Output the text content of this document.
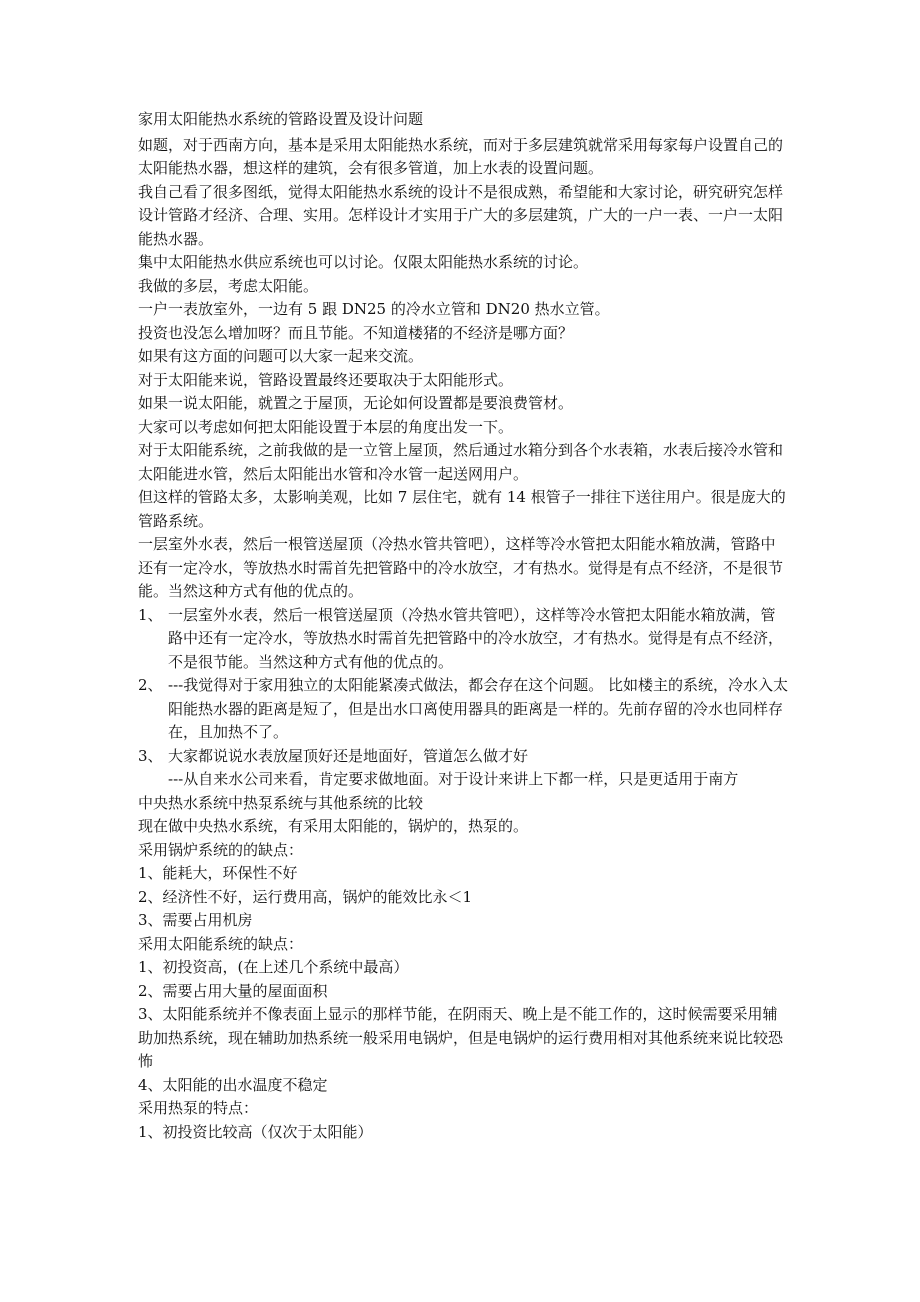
家用太阳能热水系统的管路设置及设计问题

如题，对于西南方向，基本是采用太阳能热水系统，而对于多层建筑就常采用每家每户设置自己的太阳能热水器，想这样的建筑，会有很多管道，加上水表的设置问题。

我自己看了很多图纸，觉得太阳能热水系统的设计不是很成熟，希望能和大家讨论，研究研究怎样设计管路才经济、合理、实用。怎样设计才实用于广大的多层建筑，广大的一户一表、一户一太阳能热水器。

集中太阳能热水供应系统也可以讨论。仅限太阳能热水系统的讨论。

我做的多层，考虑太阳能。

一户一表放室外，一边有 5 跟 DN25 的冷水立管和 DN20 热水立管。

投资也没怎么增加呀？而且节能。不知道楼猪的不经济是哪方面？

如果有这方面的问题可以大家一起来交流。

对于太阳能来说，管路设置最终还要取决于太阳能形式。

如果一说太阳能，就置之于屋顶，无论如何设置都是要浪费管材。

大家可以考虑如何把太阳能设置于本层的角度出发一下。

对于太阳能系统，之前我做的是一立管上屋顶，然后通过水箱分到各个水表箱，水表后接冷水管和太阳能进水管，然后太阳能出水管和冷水管一起送网用户。

但这样的管路太多，太影响美观，比如 7 层住宅，就有 14 根管子一排往下送往用户。很是庞大的管路系统。

一层室外水表，然后一根管送屋顶（冷热水管共管吧），这样等冷水管把太阳能水箱放满，管路中还有一定冷水，等放热水时需首先把管路中的冷水放空，才有热水。觉得是有点不经济，不是很节能。当然这种方式有他的优点的。

1、 一层室外水表，然后一根管送屋顶（冷热水管共管吧），这样等冷水管把太阳能水箱放满，管路中还有一定冷水，等放热水时需首先把管路中的冷水放空，才有热水。觉得是有点不经济，不是很节能。当然这种方式有他的优点的。
2、 ---我觉得对于家用独立的太阳能紧凑式做法，都会存在这个问题。 比如楼主的系统，冷水入太阳能热水器的距离是短了，但是出水口离使用器具的距离是一样的。先前存留的冷水也同样存在，且加热不了。
3、 大家都说说水表放屋顶好还是地面好，管道怎么做才好

---从自来水公司来看，肯定要求做地面。对于设计来讲上下都一样，只是更适用于南方

中央热水系统中热泵系统与其他系统的比较

现在做中央热水系统，有采用太阳能的，锅炉的，热泵的。

采用锅炉系统的的缺点：

1、能耗大，环保性不好

2、经济性不好，运行费用高，锅炉的能效比永＜1

3、需要占用机房

采用太阳能系统的缺点：

1、初投资高，(在上述几个系统中最高）

2、需要占用大量的屋面面积

3、太阳能系统并不像表面上显示的那样节能，在阴雨天、晚上是不能工作的，这时候需要采用辅助加热系统，现在辅助加热系统一般采用电锅炉，但是电锅炉的运行费用相对其他系统来说比较恐怖

4、太阳能的出水温度不稳定

采用热泵的特点：

1、初投资比较高（仅次于太阳能）
